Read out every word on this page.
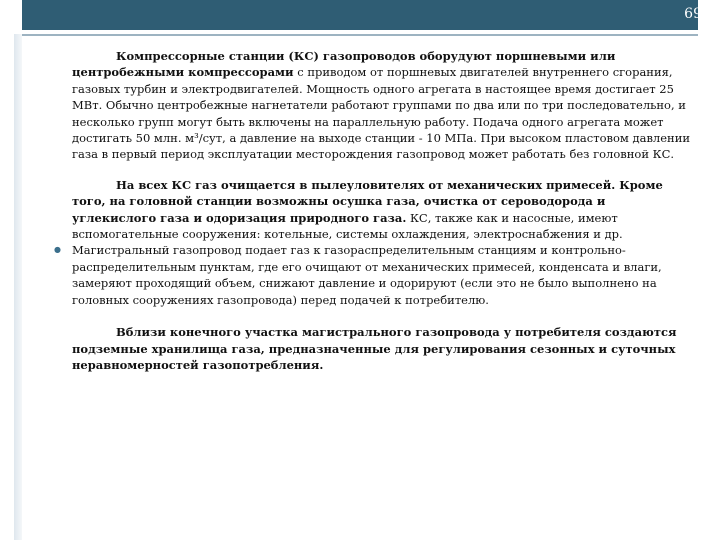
69

Компрессорные станции (КС) газопроводов оборудуют поршневыми или центробежными компрессорами с приводом от поршневых двигателей внутреннего сгорания, газовых турбин и электродвигателей. Мощность одного агрегата в настоящее время достигает 25 МВт. Обычно центробежные нагнетатели работают группами по два или по три последовательно, и несколько групп могут быть включены на параллельную работу. Подача одного агрегата может достигать 50 млн. м³/сут, а давление на выходе станции - 10 МПа. При высоком пластовом давлении газа в первый период эксплуатации месторождения газопровод может работать без головной КС.

На всех КС газ очищается в пылеуловителях от механических примесей. Кроме того, на головной станции возможны осушка газа, очистка от сероводорода и углекислого газа и одоризация природного газа. КС, также как и насосные, имеют вспомогательные сооружения: котельные, системы охлаждения, электроснабжения и др.

● Магистральный газопровод подает газ к газораспределительным станциям и контрольно-распределительным пунктам, где его очищают от механических примесей, конденсата и влаги, замеряют проходящий объем, снижают давление и одорируют (если это не было выполнено на головных сооружениях газопровода) перед подачей к потребителю.

Вблизи конечного участка магистрального газопровода у потребителя создаются подземные хранилища газа, предназначенные для регулирования сезонных и суточных неравномерностей газопотребления.
